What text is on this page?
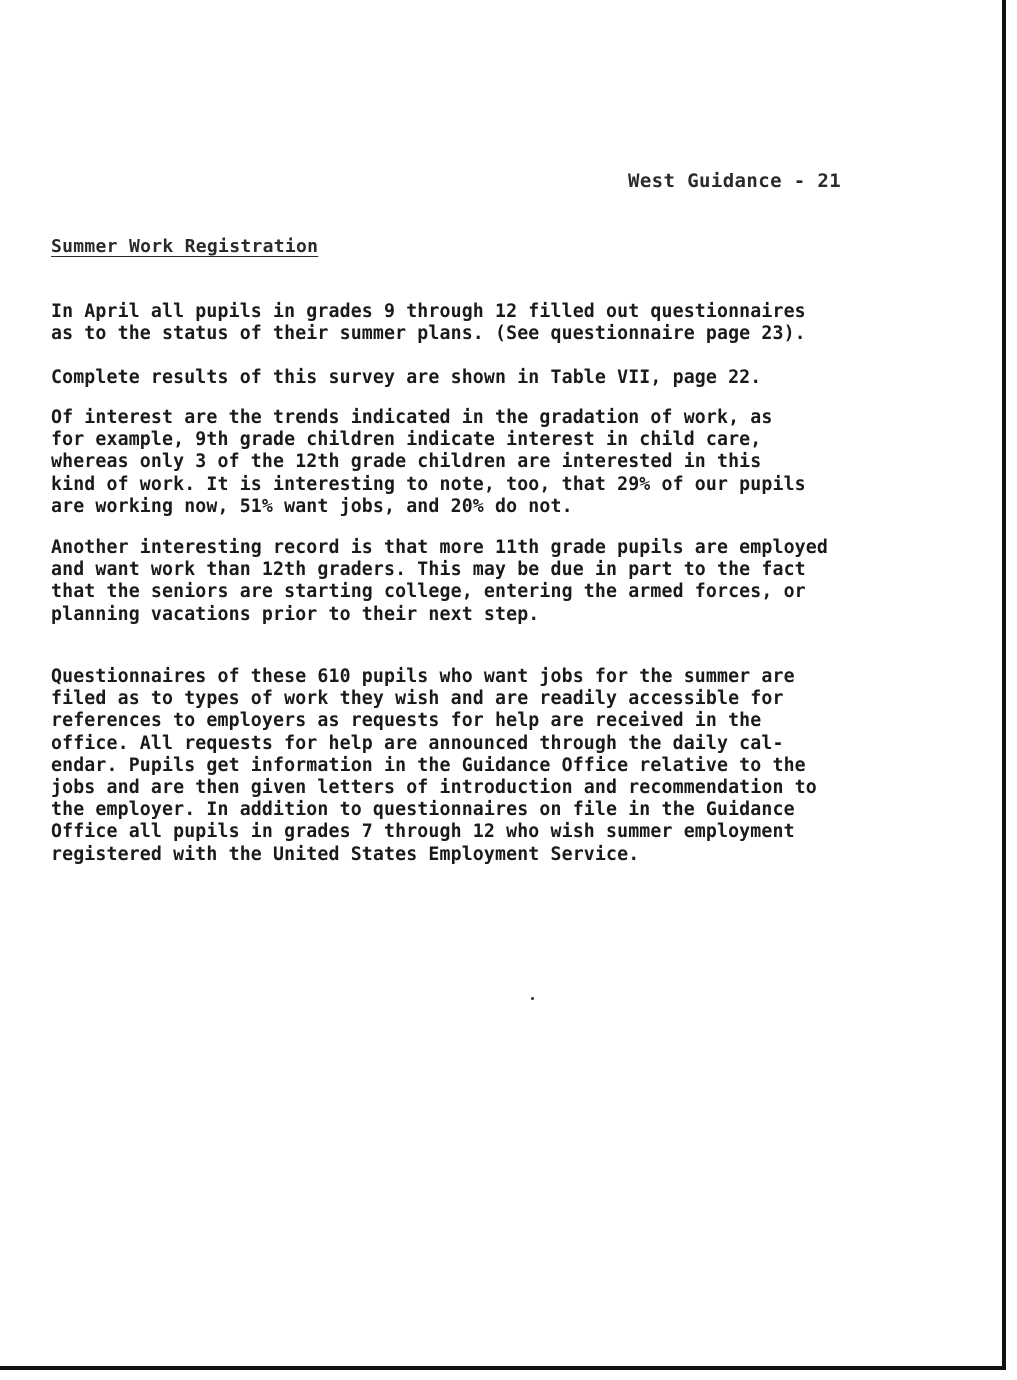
West Guidance - 21
Summer Work Registration
In April all pupils in grades 9 through 12 filled out questionnaires
as to the status of their summer plans. (See questionnaire page 23).
Complete results of this survey are shown in Table VII, page 22.
Of interest are the trends indicated in the gradation of work, as
for example, 9th grade children indicate interest in child care,
whereas only 3 of the 12th grade children are interested in this
kind of work. It is interesting to note, too, that 29% of our pupils
are working now, 51% want jobs, and 20% do not.
Another interesting record is that more 11th grade pupils are employed
and want work than 12th graders. This may be due in part to the fact
that the seniors are starting college, entering the armed forces, or
planning vacations prior to their next step.
Questionnaires of these 610 pupils who want jobs for the summer are
filed as to types of work they wish and are readily accessible for
references to employers as requests for help are received in the
office. All requests for help are announced through the daily cal-
endar. Pupils get information in the Guidance Office relative to the
jobs and are then given letters of introduction and recommendation to
the employer. In addition to questionnaires on file in the Guidance
Office all pupils in grades 7 through 12 who wish summer employment
registered with the United States Employment Service.
